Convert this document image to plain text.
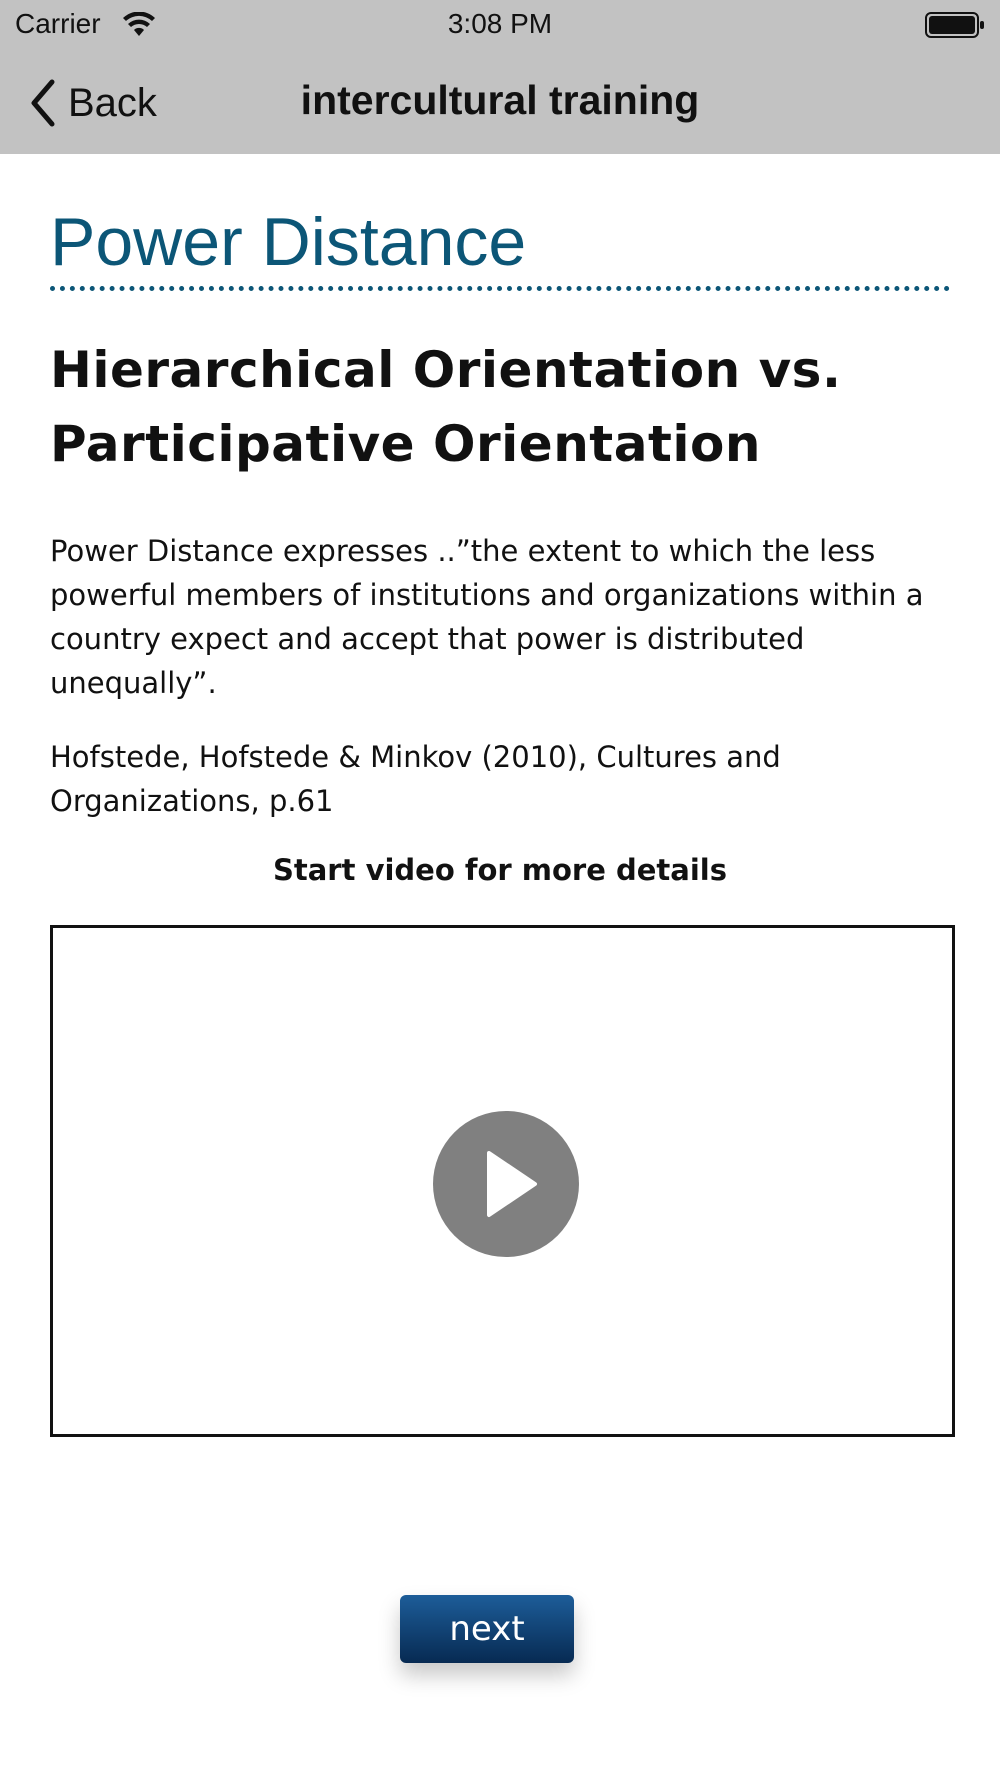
Carrier	3:08 PM
Back	intercultural training
Power Distance
Hierarchical Orientation vs.
Participative Orientation

Power Distance expresses ..”the extent to which the less powerful members of institutions and organizations within a country expect and accept that power is distributed unequally”.

Hofstede, Hofstede & Minkov (2010), Cultures and Organizations, p.61

Start video for more details
next
